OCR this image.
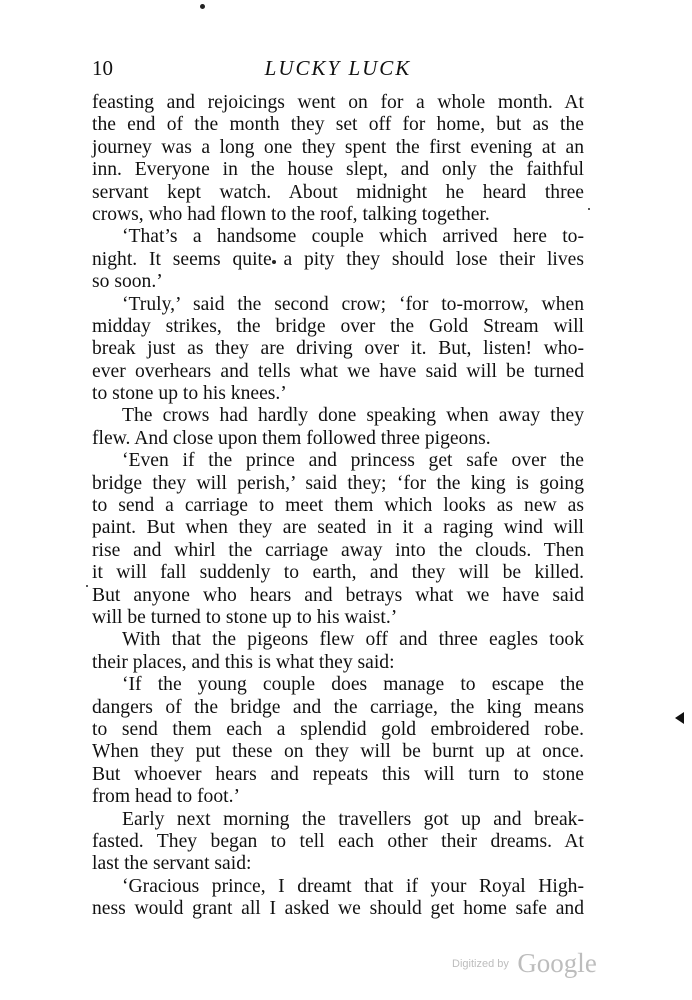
10	LUCKY LUCK
feasting and rejoicings went on for a whole month. At
the end of the month they set off for home, but as the
journey was a long one they spent the first evening at an
inn. Everyone in the house slept, and only the faithful
servant kept watch. About midnight he heard three
crows, who had flown to the roof, talking together.
‘That’s a handsome couple which arrived here to-
night. It seems quite a pity they should lose their lives
so soon.’
‘Truly,’ said the second crow; ‘for to-morrow, when
midday strikes, the bridge over the Gold Stream will
break just as they are driving over it. But, listen! who-
ever overhears and tells what we have said will be turned
to stone up to his knees.’
The crows had hardly done speaking when away they
flew. And close upon them followed three pigeons.
‘Even if the prince and princess get safe over the
bridge they will perish,’ said they; ‘for the king is going
to send a carriage to meet them which looks as new as
paint. But when they are seated in it a raging wind will
rise and whirl the carriage away into the clouds. Then
it will fall suddenly to earth, and they will be killed.
But anyone who hears and betrays what we have said
will be turned to stone up to his waist.’
With that the pigeons flew off and three eagles took
their places, and this is what they said:
‘If the young couple does manage to escape the
dangers of the bridge and the carriage, the king means
to send them each a splendid gold embroidered robe.
When they put these on they will be burnt up at once.
But whoever hears and repeats this will turn to stone
from head to foot.’
Early next morning the travellers got up and break-
fasted. They began to tell each other their dreams. At
last the servant said:
‘Gracious prince, I dreamt that if your Royal High-
ness would grant all I asked we should get home safe and
Digitized by Google
